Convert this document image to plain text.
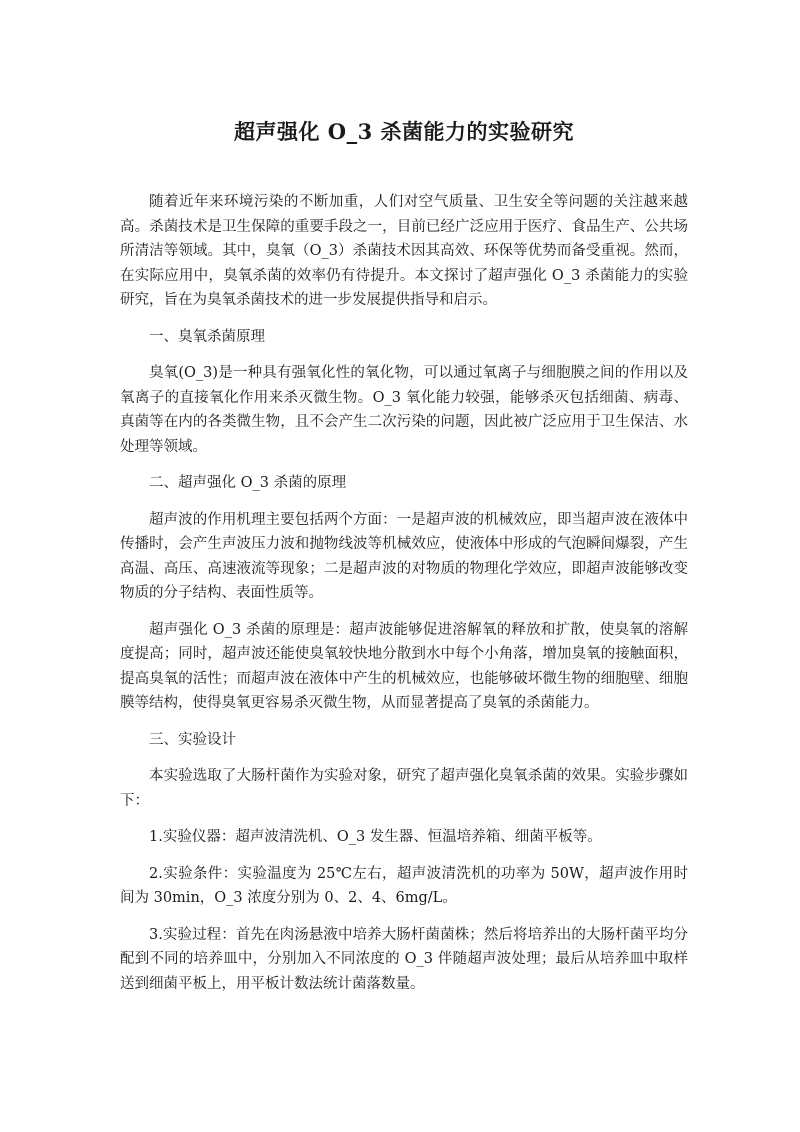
超声强化 O_3 杀菌能力的实验研究

随着近年来环境污染的不断加重，人们对空气质量、卫生安全等问题的关注越来越高。杀菌技术是卫生保障的重要手段之一，目前已经广泛应用于医疗、食品生产、公共场所清洁等领域。其中，臭氧（O_3）杀菌技术因其高效、环保等优势而备受重视。然而，在实际应用中，臭氧杀菌的效率仍有待提升。本文探讨了超声强化 O_3 杀菌能力的实验研究，旨在为臭氧杀菌技术的进一步发展提供指导和启示。

一、臭氧杀菌原理

臭氧(O_3)是一种具有强氧化性的氧化物，可以通过氧离子与细胞膜之间的作用以及氧离子的直接氧化作用来杀灭微生物。O_3 氧化能力较强，能够杀灭包括细菌、病毒、真菌等在内的各类微生物，且不会产生二次污染的问题，因此被广泛应用于卫生保洁、水处理等领域。

二、超声强化 O_3 杀菌的原理

超声波的作用机理主要包括两个方面：一是超声波的机械效应，即当超声波在液体中传播时，会产生声波压力波和抛物线波等机械效应，使液体中形成的气泡瞬间爆裂，产生高温、高压、高速液流等现象；二是超声波的对物质的物理化学效应，即超声波能够改变物质的分子结构、表面性质等。

超声强化 O_3 杀菌的原理是：超声波能够促进溶解氧的释放和扩散，使臭氧的溶解度提高；同时，超声波还能使臭氧较快地分散到水中每个小角落，增加臭氧的接触面积，提高臭氧的活性；而超声波在液体中产生的机械效应，也能够破坏微生物的细胞壁、细胞膜等结构，使得臭氧更容易杀灭微生物，从而显著提高了臭氧的杀菌能力。

三、实验设计

本实验选取了大肠杆菌作为实验对象，研究了超声强化臭氧杀菌的效果。实验步骤如下：

1.实验仪器：超声波清洗机、O_3 发生器、恒温培养箱、细菌平板等。

2.实验条件：实验温度为 25℃左右，超声波清洗机的功率为 50W，超声波作用时间为 30min，O_3 浓度分别为 0、2、4、6mg/L。

3.实验过程：首先在肉汤悬液中培养大肠杆菌菌株；然后将培养出的大肠杆菌平均分配到不同的培养皿中，分别加入不同浓度的 O_3 伴随超声波处理；最后从培养皿中取样送到细菌平板上，用平板计数法统计菌落数量。
